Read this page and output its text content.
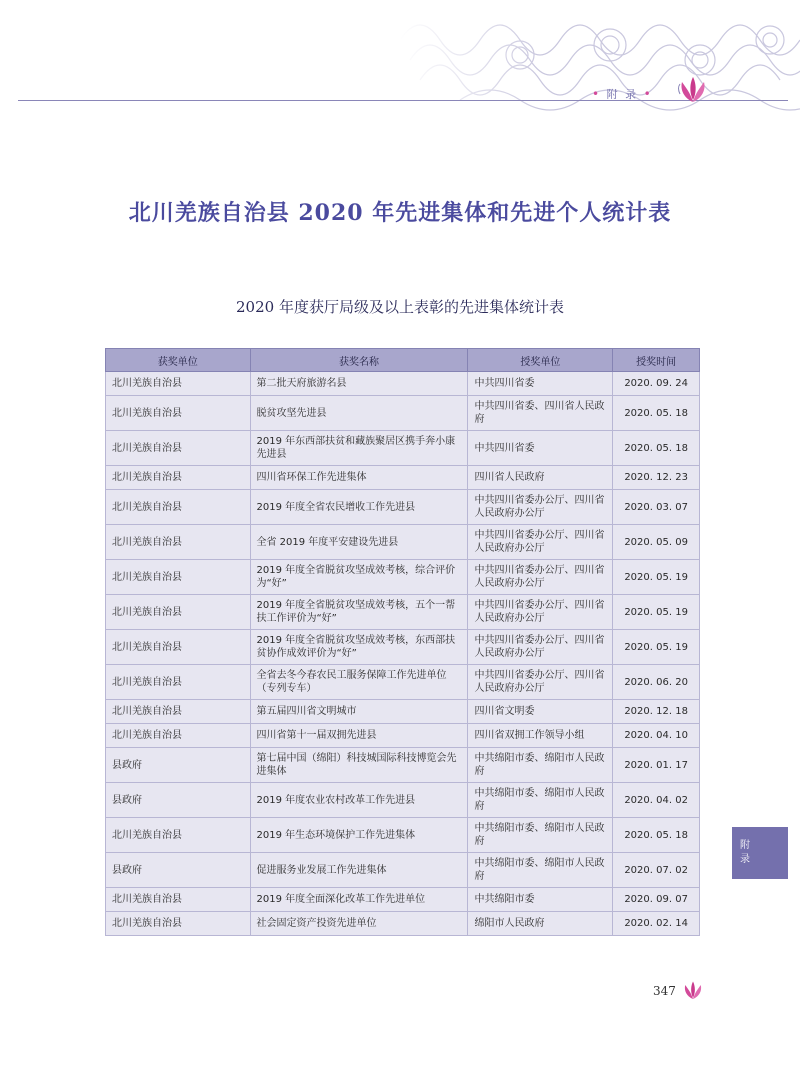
• 附 录 •
北川羌族自治县 2020 年先进集体和先进个人统计表
2020 年度获厅局级及以上表彰的先进集体统计表
获奖单位	获奖名称	授奖单位	授奖时间
北川羌族自治县	第二批天府旅游名县	中共四川省委	2020. 09. 24
北川羌族自治县	脱贫攻坚先进县	中共四川省委、四川省人民政府	2020. 05. 18
北川羌族自治县	2019 年东西部扶贫和藏族聚居区携手奔小康先进县	中共四川省委	2020. 05. 18
北川羌族自治县	四川省环保工作先进集体	四川省人民政府	2020. 12. 23
北川羌族自治县	2019 年度全省农民增收工作先进县	中共四川省委办公厅、四川省人民政府办公厅	2020. 03. 07
北川羌族自治县	全省 2019 年度平安建设先进县	中共四川省委办公厅、四川省人民政府办公厅	2020. 05. 09
北川羌族自治县	2019 年度全省脱贫攻坚成效考核，综合评价为“好”	中共四川省委办公厅、四川省人民政府办公厅	2020. 05. 19
北川羌族自治县	2019 年度全省脱贫攻坚成效考核，五个一帮扶工作评价为“好”	中共四川省委办公厅、四川省人民政府办公厅	2020. 05. 19
北川羌族自治县	2019 年度全省脱贫攻坚成效考核，东西部扶贫协作成效评价为“好”	中共四川省委办公厅、四川省人民政府办公厅	2020. 05. 19
北川羌族自治县	全省去冬今春农民工服务保障工作先进单位（专列专车）	中共四川省委办公厅、四川省人民政府办公厅	2020. 06. 20
北川羌族自治县	第五届四川省文明城市	四川省文明委	2020. 12. 18
北川羌族自治县	四川省第十一届双拥先进县	四川省双拥工作领导小组	2020. 04. 10
县政府	第七届中国（绵阳）科技城国际科技博览会先进集体	中共绵阳市委、绵阳市人民政府	2020. 01. 17
县政府	2019 年度农业农村改革工作先进县	中共绵阳市委、绵阳市人民政府	2020. 04. 02
北川羌族自治县	2019 年生态环境保护工作先进集体	中共绵阳市委、绵阳市人民政府	2020. 05. 18
县政府	促进服务业发展工作先进集体	中共绵阳市委、绵阳市人民政府	2020. 07. 02
北川羌族自治县	2019 年度全面深化改革工作先进单位	中共绵阳市委	2020. 09. 07
北川羌族自治县	社会固定资产投资先进单位	绵阳市人民政府	2020. 02. 14
附录
347
